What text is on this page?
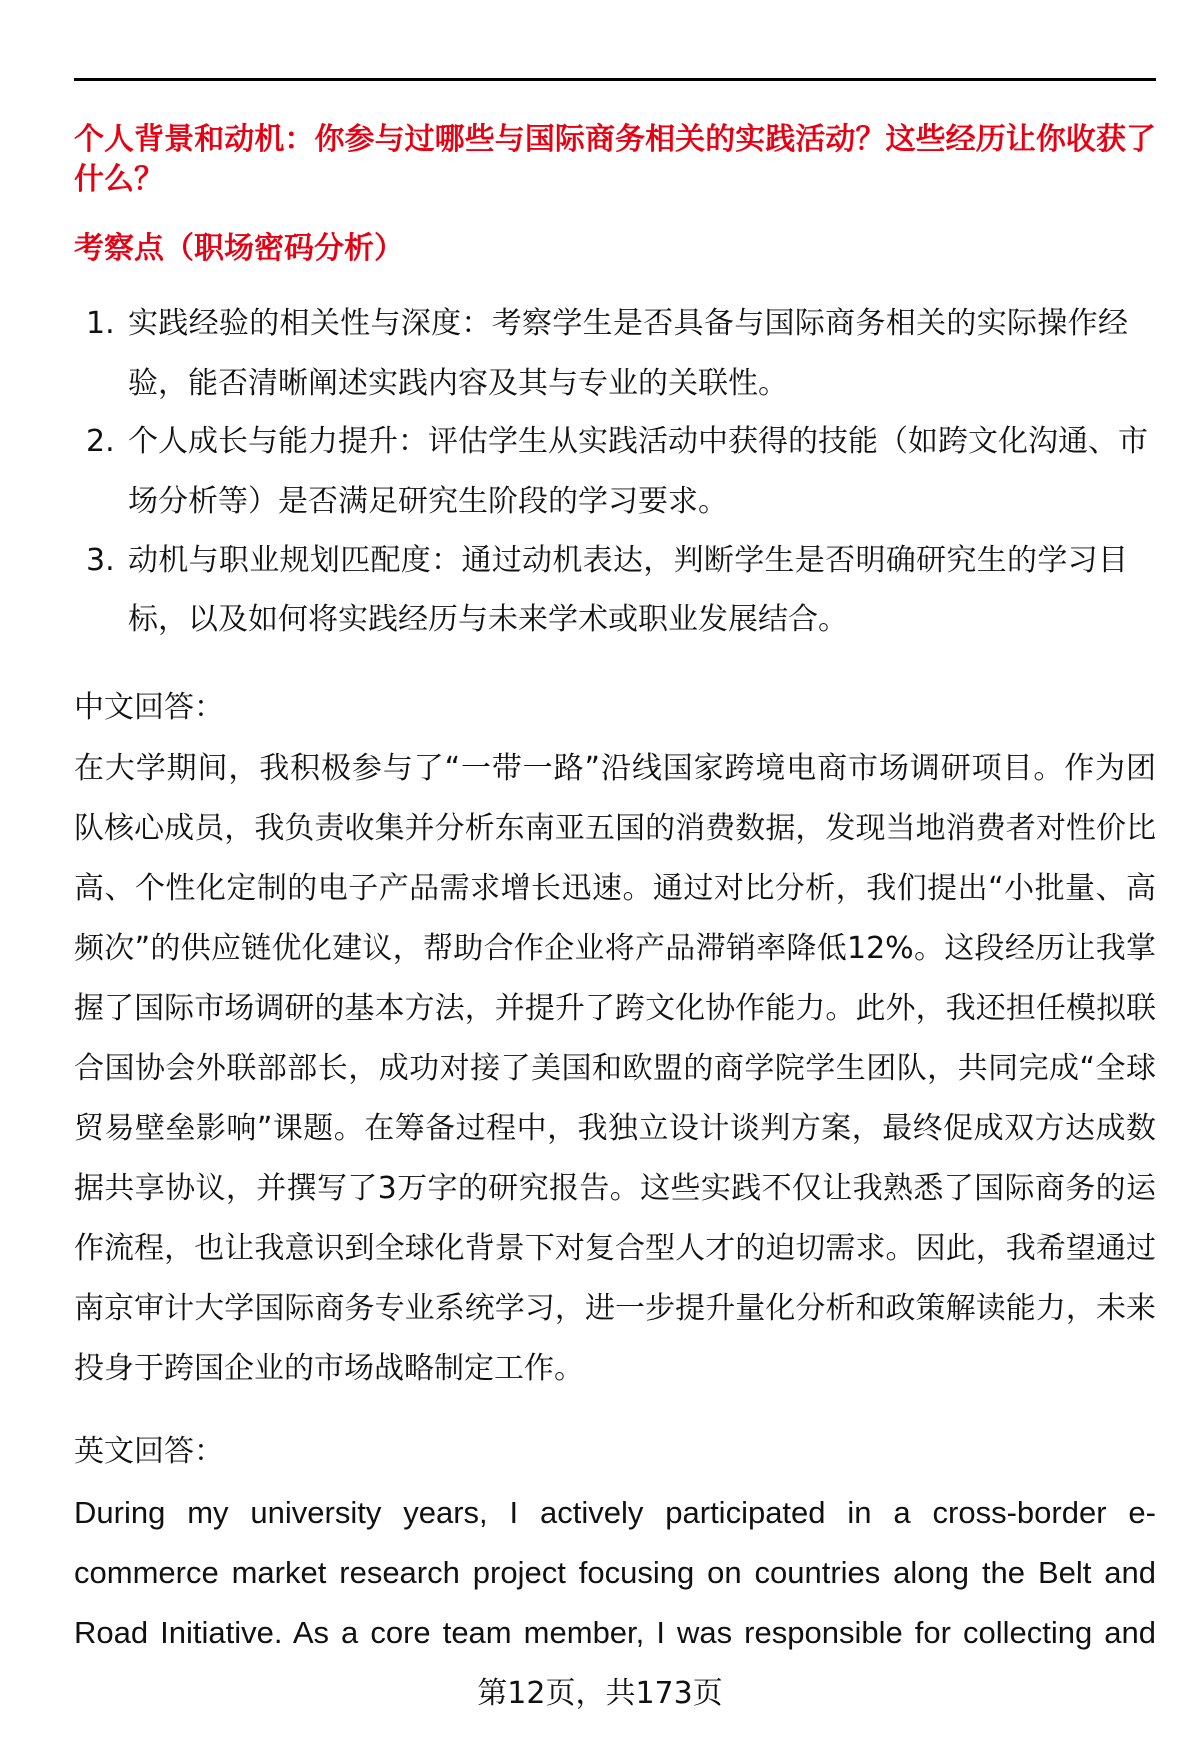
个人背景和动机：你参与过哪些与国际商务相关的实践活动？这些经历让你收获了
什么？
考察点（职场密码分析）
1. 实践经验的相关性与深度：考察学生是否具备与国际商务相关的实际操作经
验，能否清晰阐述实践内容及其与专业的关联性。
2. 个人成长与能力提升：评估学生从实践活动中获得的技能（如跨文化沟通、市
场分析等）是否满足研究生阶段的学习要求。
3. 动机与职业规划匹配度：通过动机表达，判断学生是否明确研究生的学习目
标，以及如何将实践经历与未来学术或职业发展结合。
中文回答：
在大学期间，我积极参与了“一带一路”沿线国家跨境电商市场调研项目。作为团
队核心成员，我负责收集并分析东南亚五国的消费数据，发现当地消费者对性价比
高、个性化定制的电子产品需求增长迅速。通过对比分析，我们提出“小批量、高
频次”的供应链优化建议，帮助合作企业将产品滞销率降低12%。这段经历让我掌
握了国际市场调研的基本方法，并提升了跨文化协作能力。此外，我还担任模拟联
合国协会外联部部长，成功对接了美国和欧盟的商学院学生团队，共同完成“全球
贸易壁垒影响”课题。在筹备过程中，我独立设计谈判方案，最终促成双方达成数
据共享协议，并撰写了3万字的研究报告。这些实践不仅让我熟悉了国际商务的运
作流程，也让我意识到全球化背景下对复合型人才的迫切需求。因此，我希望通过
南京审计大学国际商务专业系统学习，进一步提升量化分析和政策解读能力，未来
投身于跨国企业的市场战略制定工作。
英文回答：
During my university years, I actively participated in a cross-border e-
commerce market research project focusing on countries along the Belt and
Road Initiative. As a core team member, I was responsible for collecting and
第12页，共173页
